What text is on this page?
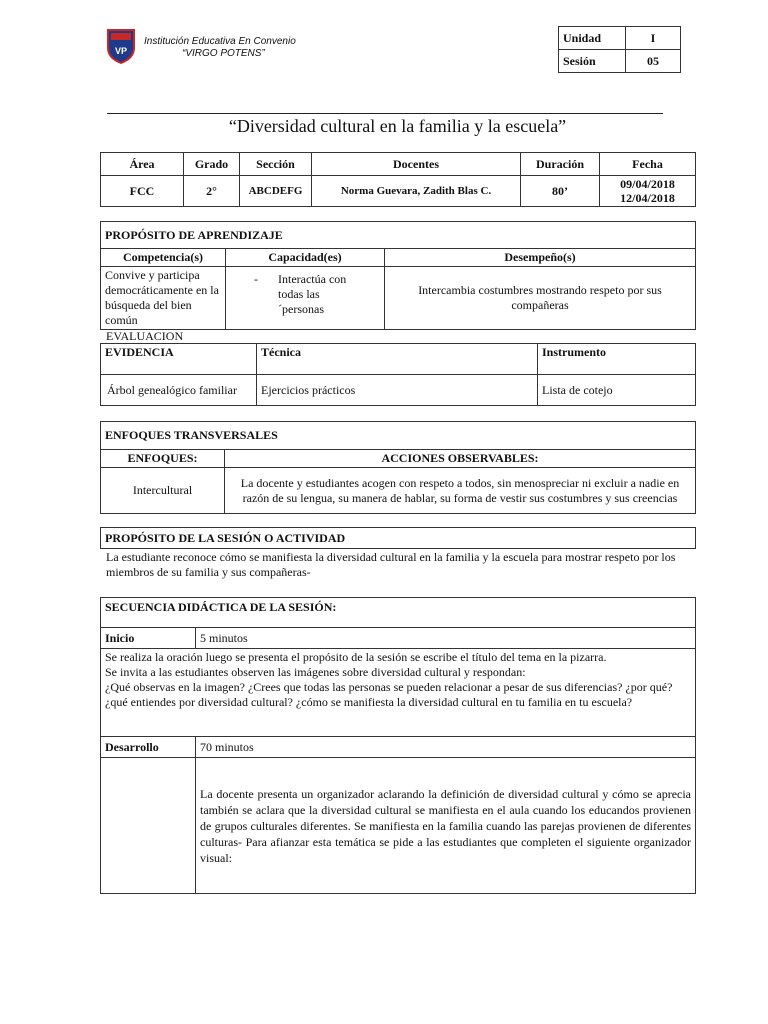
VP
Institución Educativa En Convenio
“VIRGO POTENS”
Unidad	I
Sesión	05
“Diversidad cultural en la familia y la escuela”
Área	Grado	Sección	Docentes	Duración	Fecha
FCC	2°	ABCDEFG	Norma Guevara, Zadith Blas C.	80’	09/04/2018
12/04/2018
PROPÓSITO DE APRENDIZAJE		
Competencia(s)	Capacidad(es)	Desempeño(s)
Convive y participa democráticamente en la búsqueda del bien común	- Interactúa con todas las ´personas	Intercambia costumbres mostrando respeto por sus compañeras
EVALUACION
EVIDENCIA	Técnica	Instrumento
Árbol genealógico familiar	Ejercicios prácticos	Lista de cotejo
ENFOQUES TRANSVERSALES	
ENFOQUES:	ACCIONES OBSERVABLES:
Intercultural	La docente y estudiantes acogen con respeto a todos, sin menospreciar ni excluir a nadie en razón de su lengua, su manera de hablar, su forma de vestir sus costumbres y sus creencias
PROPÓSITO DE LA SESIÓN O ACTIVIDAD
La estudiante reconoce cómo se manifiesta la diversidad cultural en la familia y la escuela para mostrar respeto por los miembros de su familia y sus compañeras-
SECUENCIA DIDÁCTICA DE LA SESIÓN:	
Inicio	5 minutos

Se realiza la oración luego se presenta el propósito de la sesión se escribe el título del tema en la pizarra.
Se invita a las estudiantes observen las imágenes sobre diversidad cultural y respondan:
¿Qué observas en la imagen? ¿Crees que todas las personas se pueden relacionar a pesar de sus diferencias? ¿por qué? ¿qué entiendes por diversidad cultural? ¿cómo se manifiesta la diversidad cultural en tu familia en tu escuela?	

Desarrollo	70 minutos
	La docente presenta un organizador aclarando la definición de diversidad cultural y cómo se aprecia también se aclara que la diversidad cultural se manifiesta en el aula cuando los educandos provienen de grupos culturales diferentes. Se manifiesta en la familia cuando las parejas provienen de diferentes culturas- Para afianzar esta temática se pide a las estudiantes que completen el siguiente organizador visual:
